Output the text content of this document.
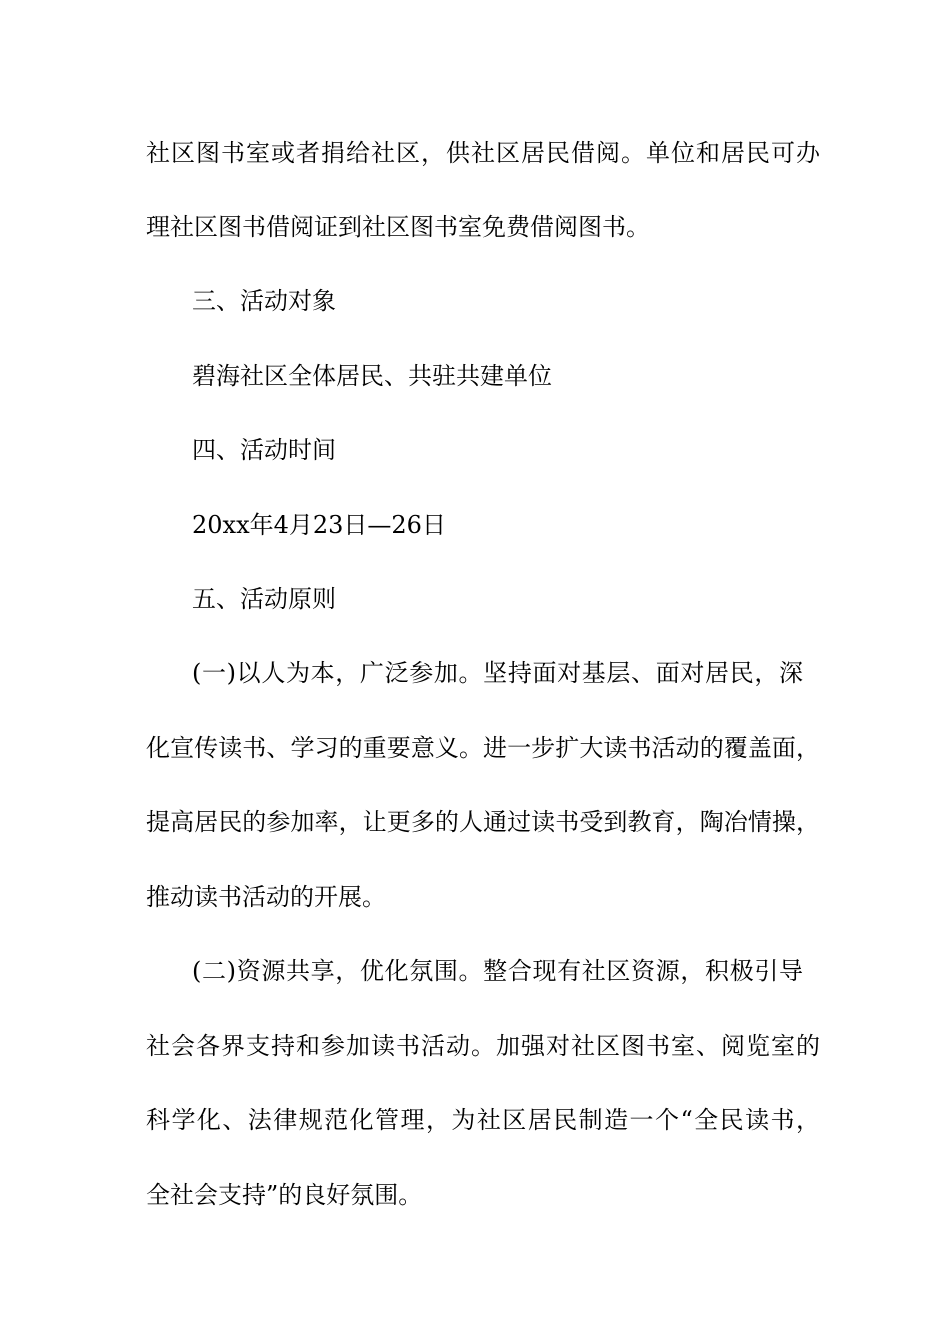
社区图书室或者捐给社区，供社区居民借阅。单位和居民可办
理社区图书借阅证到社区图书室免费借阅图书。
三、活动对象
碧海社区全体居民、共驻共建单位
四、活动时间
20xx年4月23日—26日
五、活动原则
(一)以人为本，广泛参加。坚持面对基层、面对居民，深
化宣传读书、学习的重要意义。进一步扩大读书活动的覆盖面，
提高居民的参加率，让更多的人通过读书受到教育，陶冶情操，
推动读书活动的开展。
(二)资源共享，优化氛围。整合现有社区资源，积极引导
社会各界支持和参加读书活动。加强对社区图书室、阅览室的
科学化、法律规范化管理，为社区居民制造一个“全民读书，
全社会支持”的良好氛围。
